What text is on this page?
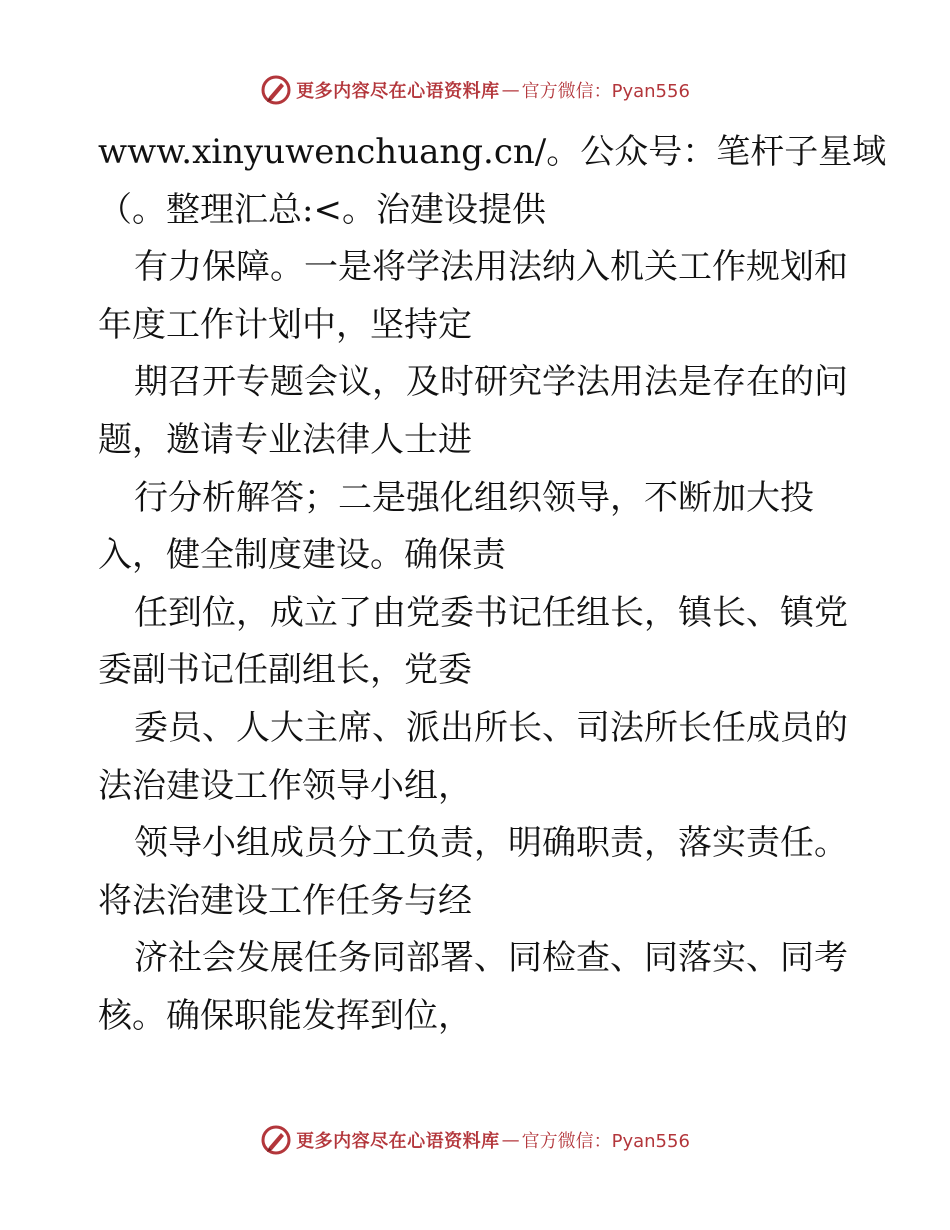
更多内容尽在心语资料库 — 官方微信：Pyan556
www.xinyuwenchuang.cn/。公众号：笔杆子星域
（。整理汇总:<。治建设提供
有力保障。一是将学法用法纳入机关工作规划和
年度工作计划中，坚持定
期召开专题会议，及时研究学法用法是存在的问
题，邀请专业法律人士进
行分析解答；二是强化组织领导，不断加大投
入，健全制度建设。确保责
任到位，成立了由党委书记任组长，镇长、镇党
委副书记任副组长，党委
委员、人大主席、派出所长、司法所长任成员的
法治建设工作领导小组，
领导小组成员分工负责，明确职责，落实责任。
将法治建设工作任务与经
济社会发展任务同部署、同检查、同落实、同考
核。确保职能发挥到位，
更多内容尽在心语资料库 — 官方微信：Pyan556
